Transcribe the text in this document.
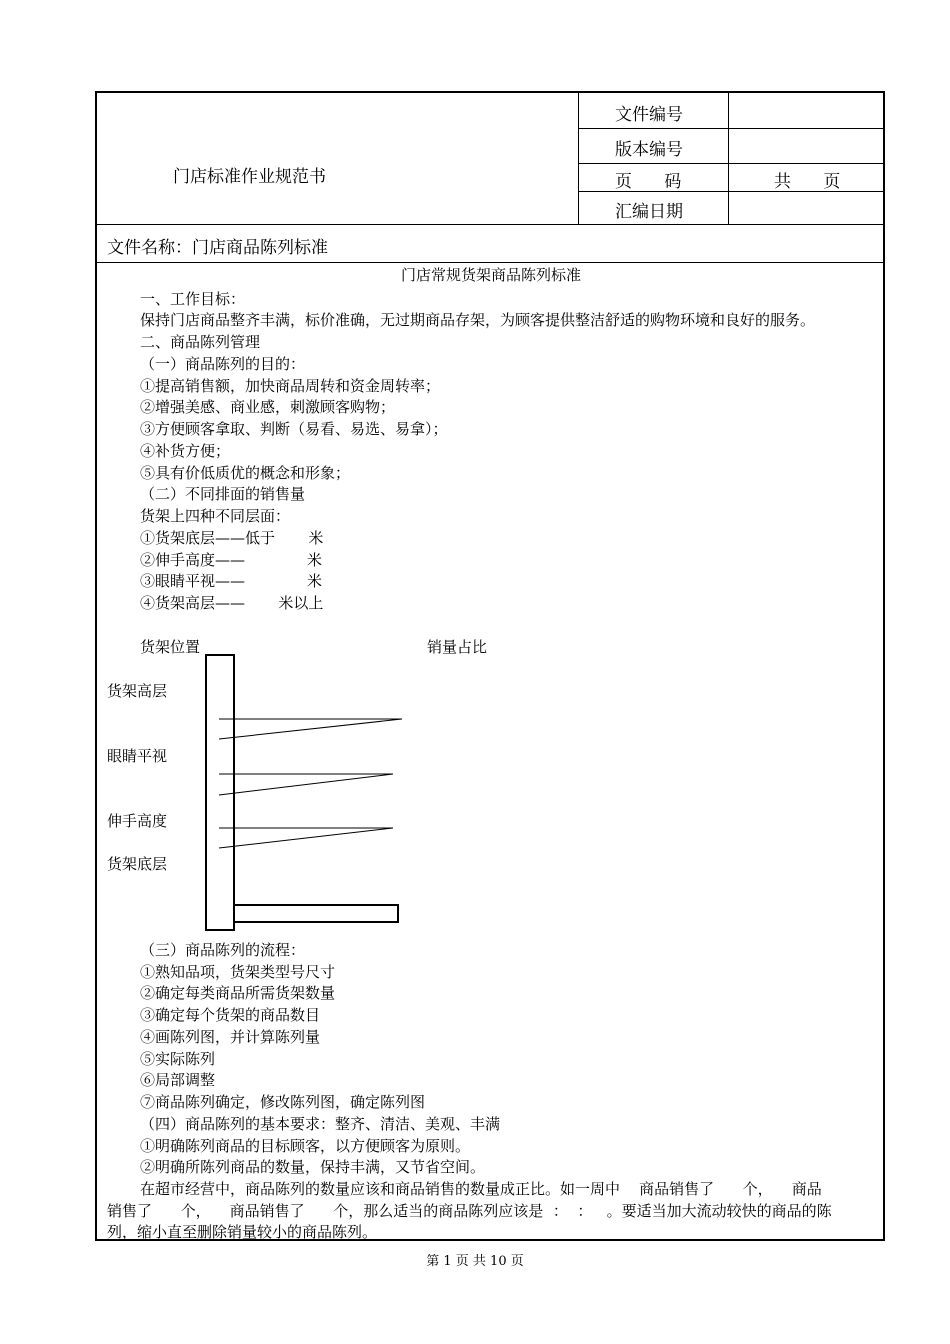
门店标准作业规范书
文件编号
版本编号
页      码
汇编日期
共      页
文件名称：门店商品陈列标准
门店常规货架商品陈列标准
一、工作目标：
保持门店商品整齐丰满，标价准确，无过期商品存架，为顾客提供整洁舒适的购物环境和良好的服务。
二、商品陈列管理
（一）商品陈列的目的：
①提高销售额，加快商品周转和资金周转率；
②增强美感、商业感，刺激顾客购物；
③方便顾客拿取、判断（易看、易选、易拿）；
④补货方便；
⑤具有价低质优的概念和形象；
（二）不同排面的销售量
货架上四种不同层面：
①货架底层——低于       米
②伸手高度——             米
③眼睛平视——             米
④货架高层——       米以上
货架位置	销量占比
货架高层
眼睛平视
伸手高度
货架底层
（三）商品陈列的流程：
①熟知品项，货架类型号尺寸
②确定每类商品所需货架数量
③确定每个货架的商品数目
④画陈列图，并计算陈列量
⑤实际陈列
⑥局部调整
⑦商品陈列确定，修改陈列图，确定陈列图
（四）商品陈列的基本要求：整齐、清洁、美观、丰满
①明确陈列商品的目标顾客，以方便顾客为原则。
②明确所陈列商品的数量，保持丰满，又节省空间。
在超市经营中，商品陈列的数量应该和商品销售的数量成正比。如一周中    商品销售了      个，    商品
销售了      个，    商品销售了      个，那么适当的商品陈列应该是  ：  ：   。要适当加大流动较快的商品的陈
列，缩小直至删除销量较小的商品陈列。
第 1 页 共 10 页
